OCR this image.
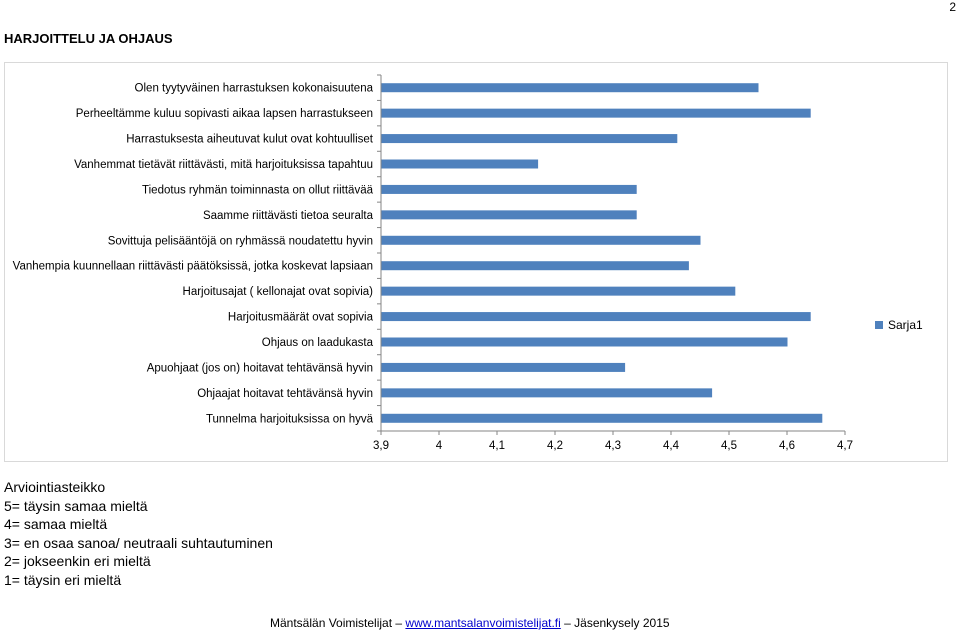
2
HARJOITTELU JA OHJAUS
Olen tyytyväinen harrastuksen kokonaisuutena
Perheeltämme kuluu sopivasti aikaa lapsen harrastukseen
Harrastuksesta aiheutuvat kulut ovat kohtuulliset
Vanhemmat tietävät riittävästi, mitä harjoituksissa tapahtuu
Tiedotus ryhmän toiminnasta on ollut riittävää
Saamme riittävästi tietoa seuralta
Sovittuja pelisääntöjä on ryhmässä noudatettu hyvin
Vanhempia kuunnellaan riittävästi päätöksissä, jotka koskevat lapsiaan
Harjoitusajat ( kellonajat ovat sopivia)
Harjoitusmäärät ovat sopivia
Ohjaus on laadukasta
Apuohjaat (jos on) hoitavat tehtävänsä hyvin
Ohjaajat hoitavat tehtävänsä hyvin
Tunnelma harjoituksissa on hyvä
3,9	4	4,1	4,2	4,3	4,4	4,5	4,6	4,7
Sarja1
Arviointiasteikko
5= täysin samaa mieltä
4= samaa mieltä
3= en osaa sanoa/ neutraali suhtautuminen
2= jokseenkin eri mieltä
1= täysin eri mieltä
Mäntsälän Voimistelijat – www.mantsalanvoimistelijat.fi – Jäsenkysely 2015
